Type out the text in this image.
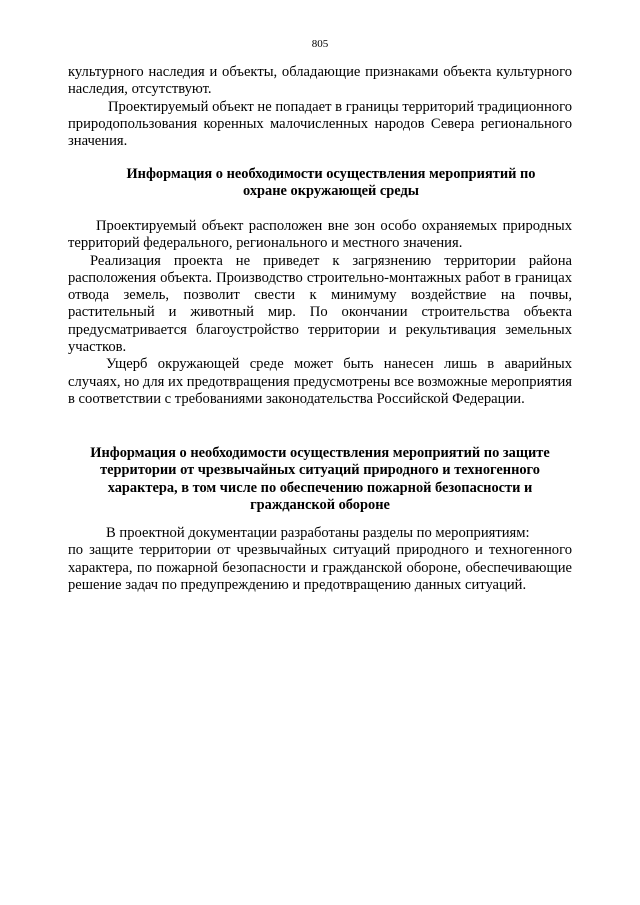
805

культурного наследия и объекты, обладающие признаками объекта культурного наследия, отсутствуют.

Проектируемый объект не попадает в границы территорий традиционного природопользования коренных малочисленных народов Севера регионального значения.

Информация о необходимости осуществления мероприятий по охране окружающей среды

Проектируемый объект расположен вне зон особо охраняемых природных территорий федерального, регионального и местного значения.

Реализация проекта не приведет к загрязнению территории района расположения объекта. Производство строительно-монтажных работ в границах отвода земель, позволит свести к минимуму воздействие на почвы, растительный и животный мир. По окончании строительства объекта предусматривается благоустройство территории и рекультивация земельных участков.

Ущерб окружающей среде может быть нанесен лишь в аварийных случаях, но для их предотвращения предусмотрены все возможные мероприятия в соответствии с требованиями законодательства Российской Федерации.

Информация о необходимости осуществления мероприятий по защите территории от чрезвычайных ситуаций природного и техногенного характера, в том числе по обеспечению пожарной безопасности и гражданской обороне

В проектной документации разработаны разделы по мероприятиям:

по защите территории от чрезвычайных ситуаций природного и техногенного характера, по пожарной безопасности и гражданской обороне, обеспечивающие решение задач по предупреждению и предотвращению данных ситуаций.
